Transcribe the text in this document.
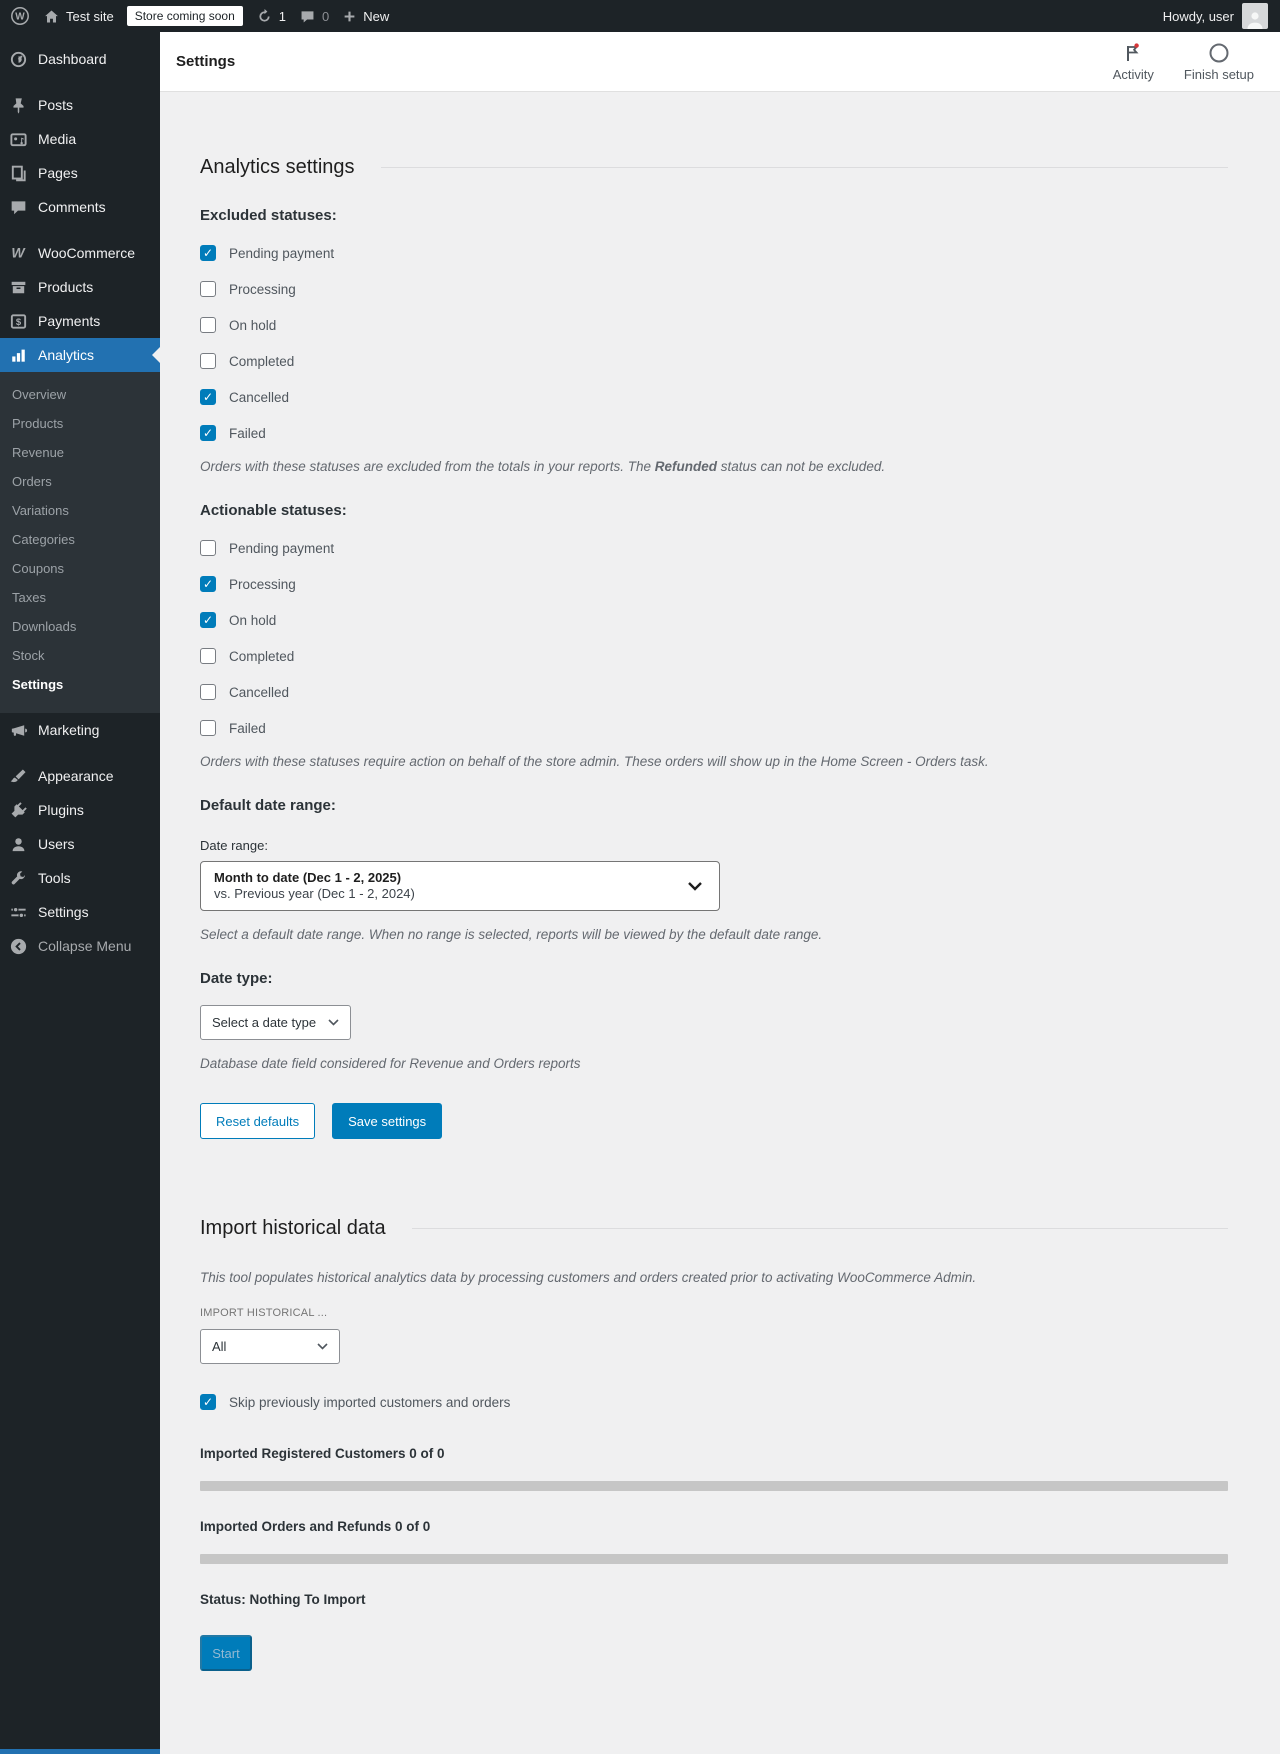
W	Test site	Store coming soon	1	0	New	Howdy, user
Dashboard
Posts
Media
Pages
Comments
W WooCommerce
Products
$ Payments
Analytics
Overview
Products
Revenue
Orders
Variations
Categories
Coupons
Taxes
Downloads
Stock
Settings
Marketing
Appearance
Plugins
Users
Tools
Settings
Collapse Menu
Settings
Activity Finish setup
Analytics settings
Excluded statuses:
✓
Pending payment
Processing
On hold
Completed
✓
Cancelled
✓
Failed

Orders with these statuses are excluded from the totals in your reports. The Refunded status can not be excluded.

Actionable statuses:
Pending payment
✓
Processing
✓
On hold
Completed
Cancelled
Failed

Orders with these statuses require action on behalf of the store admin. These orders will show up in the Home Screen - Orders task.

Default date range:
Date range:
Month to date (Dec 1 - 2, 2025)
vs. Previous year (Dec 1 - 2, 2024)

Select a default date range. When no range is selected, reports will be viewed by the default date range.

Date type:
Select a date type

Database date field considered for Revenue and Orders reports

Reset defaults	Save settings
Import historical data

This tool populates historical analytics data by processing customers and orders created prior to activating WooCommerce Admin.

IMPORT HISTORICAL ...
All
✓
Skip previously imported customers and orders
Imported Registered Customers 0 of 0
Imported Orders and Refunds 0 of 0
Status: Nothing To Import
Start
